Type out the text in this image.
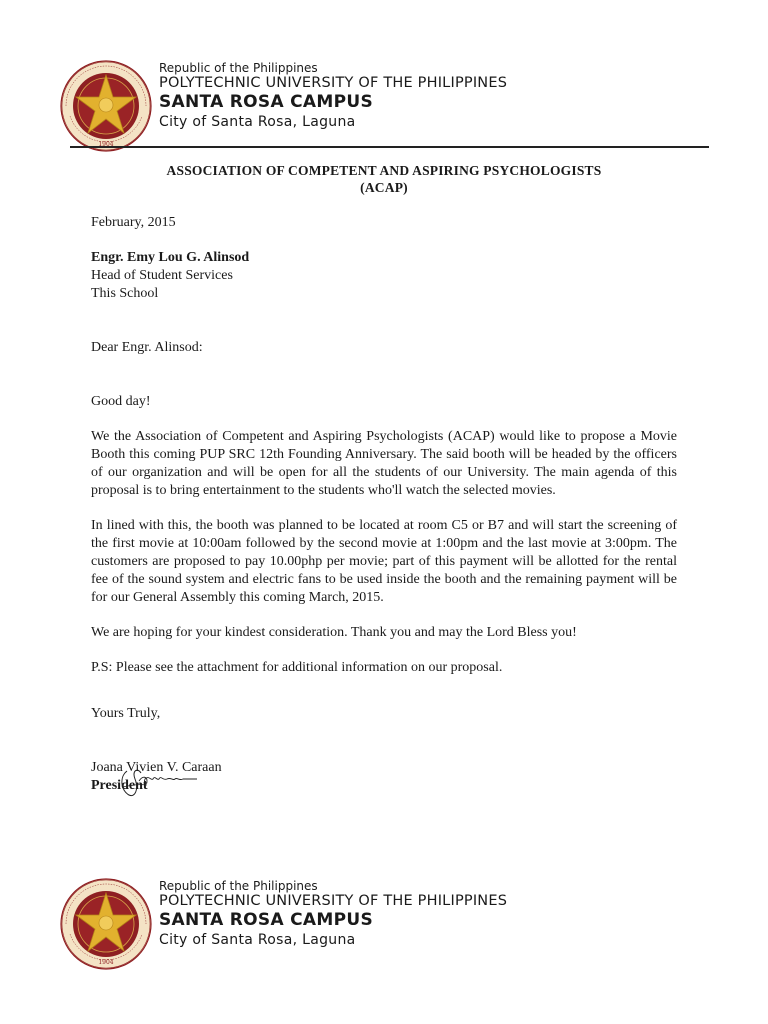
1904
Republic of the Philippines
POLYTECHNIC UNIVERSITY OF THE PHILIPPINES
SANTA ROSA CAMPUS
City of Santa Rosa, Laguna
ASSOCIATION OF COMPETENT AND ASPIRING PSYCHOLOGISTS
(ACAP)

February, 2015

Engr. Emy Lou G. Alinsod

Head of Student Services

This School

Dear Engr. Alinsod:

Good day!

We the Association of Competent and Aspiring Psychologists (ACAP) would like to propose a Movie Booth this coming PUP SRC 12th Founding Anniversary. The said booth will be headed by the officers of our organization and will be open for all the students of our University. The main agenda of this proposal is to bring entertainment to the students who'll watch the selected movies.

In lined with this, the booth was planned to be located at room C5 or B7 and will start the screening of the first movie at 10:00am followed by the second movie at 1:00pm and the last movie at 3:00pm. The customers are proposed to pay 10.00php per movie; part of this payment will be allotted for the rental fee of the sound system and electric fans to be used inside the booth and the remaining payment will be for our General Assembly this coming March, 2015.

We are hoping for your kindest consideration. Thank you and may the Lord Bless you!

P.S: Please see the attachment for additional information on our proposal.

Yours Truly,

Joana Vivien V. Caraan

President

1904
Republic of the Philippines
POLYTECHNIC UNIVERSITY OF THE PHILIPPINES
SANTA ROSA CAMPUS
City of Santa Rosa, Laguna
